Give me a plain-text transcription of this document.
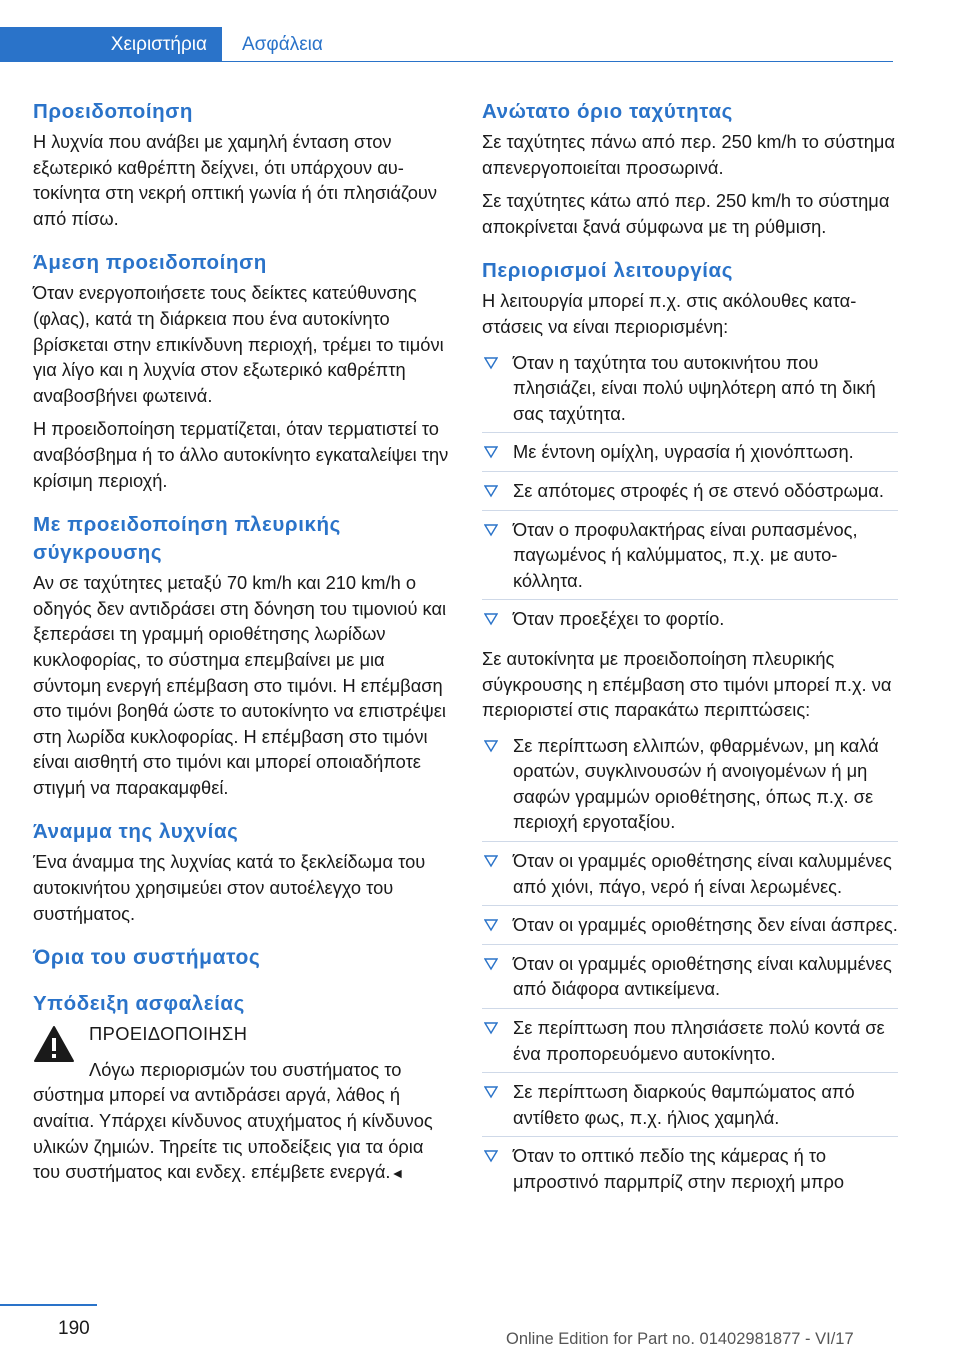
Χειριστήρια	Ασφάλεια
Προειδοποίηση

Η λυχνία που ανάβει με χαμηλή ένταση στον εξωτερικό καθρέπτη δείχνει, ότι υπάρχουν αυτοκίνητα στη νεκρή οπτική γωνία ή ότι πλησιάζουν από πίσω.

Άμεση προειδοποίηση

Όταν ενεργοποιήσετε τους δείκτες κατεύθυνσης (φλας), κατά τη διάρκεια που ένα αυτοκίνητο βρίσκεται στην επικίνδυνη περιοχή, τρέμει το τιμόνι για λίγο και η λυχνία στον εξωτερικό καθρέπτη αναβοσβήνει φωτεινά.

Η προειδοποίηση τερματίζεται, όταν τερματιστεί το αναβόσβημα ή το άλλο αυτοκίνητο εγκαταλείψει την κρίσιμη περιοχή.

Με προειδοποίηση πλευρικής σύγκρουσης

Αν σε ταχύτητες μεταξύ 70 km/h και 210 km/h ο οδηγός δεν αντιδράσει στη δόνηση του τιμονιού και ξεπεράσει τη γραμμή οριοθέτησης λωρίδων κυκλοφορίας, το σύστημα επεμβαίνει με μια σύντομη ενεργή επέμβαση στο τιμόνι. Η επέμβαση στο τιμόνι βοηθά ώστε το αυτοκίνητο να επιστρέψει στη λωρίδα κυκλοφορίας. Η επέμβαση στο τιμόνι είναι αισθητή στο τιμόνι και μπορεί οποιαδήποτε στιγμή να παρακαμφθεί.

Άναμμα της λυχνίας

Ένα άναμμα της λυχνίας κατά το ξεκλείδωμα του αυτοκινήτου χρησιμεύει στον αυτοέλεγχο του συστήματος.

Όρια του συστήματος
Υπόδειξη ασφαλείας
ΠΡΟΕΙΔΟΠΟΙΗΣΗ

Λόγω περιορισμών του συστήματος το σύστημα μπορεί να αντιδράσει αργά, λάθος ή αναίτια. Υπάρχει κίνδυνος ατυχήματος ή κίνδυνος υλικών ζημιών. Τηρείτε τις υποδείξεις για τα όρια του συστήματος και ενδεχ. επέμβετε ενεργά.◄

Ανώτατο όριο ταχύτητας

Σε ταχύτητες πάνω από περ. 250 km/h το σύστημα απενεργοποιείται προσωρινά.

Σε ταχύτητες κάτω από περ. 250 km/h το σύστημα αποκρίνεται ξανά σύμφωνα με τη ρύθμιση.

Περιορισμοί λειτουργίας

Η λειτουργία μπορεί π.χ. στις ακόλουθες καταστάσεις να είναι περιορισμένη:

Όταν η ταχύτητα του αυτοκινήτου που πλησιάζει, είναι πολύ υψηλότερη από τη δική σας ταχύτητα.
Με έντονη ομίχλη, υγρασία ή χιονόπτωση.
Σε απότομες στροφές ή σε στενό οδόστρωμα.
Όταν ο προφυλακτήρας είναι ρυπασμένος, παγωμένος ή καλύμματος, π.χ. με αυτοκόλλητα.
Όταν προεξέχει το φορτίο.

Σε αυτοκίνητα με προειδοποίηση πλευρικής σύγκρουσης η επέμβαση στο τιμόνι μπορεί π.χ. να περιοριστεί στις παρακάτω περιπτώσεις:

Σε περίπτωση ελλιπών, φθαρμένων, μη καλά ορατών, συγκλινουσών ή ανοιγομένων ή μη σαφών γραμμών οριοθέτησης, όπως π.χ. σε περιοχή εργοταξίου.
Όταν οι γραμμές οριοθέτησης είναι καλυμμένες από χιόνι, πάγο, νερό ή είναι λερωμένες.
Όταν οι γραμμές οριοθέτησης δεν είναι άσπρες.
Όταν οι γραμμές οριοθέτησης είναι καλυμμένες από διάφορα αντικείμενα.
Σε περίπτωση που πλησιάσετε πολύ κοντά σε ένα προπορευόμενο αυτοκίνητο.
Σε περίπτωση διαρκούς θαμπώματος από αντίθετο φως, π.χ. ήλιος χαμηλά.
Όταν το οπτικό πεδίο της κάμερας ή το μπροστινό παρμπρίζ στην περιοχή μπρο
190	Online Edition for Part no. 01402981877 - VI/17
